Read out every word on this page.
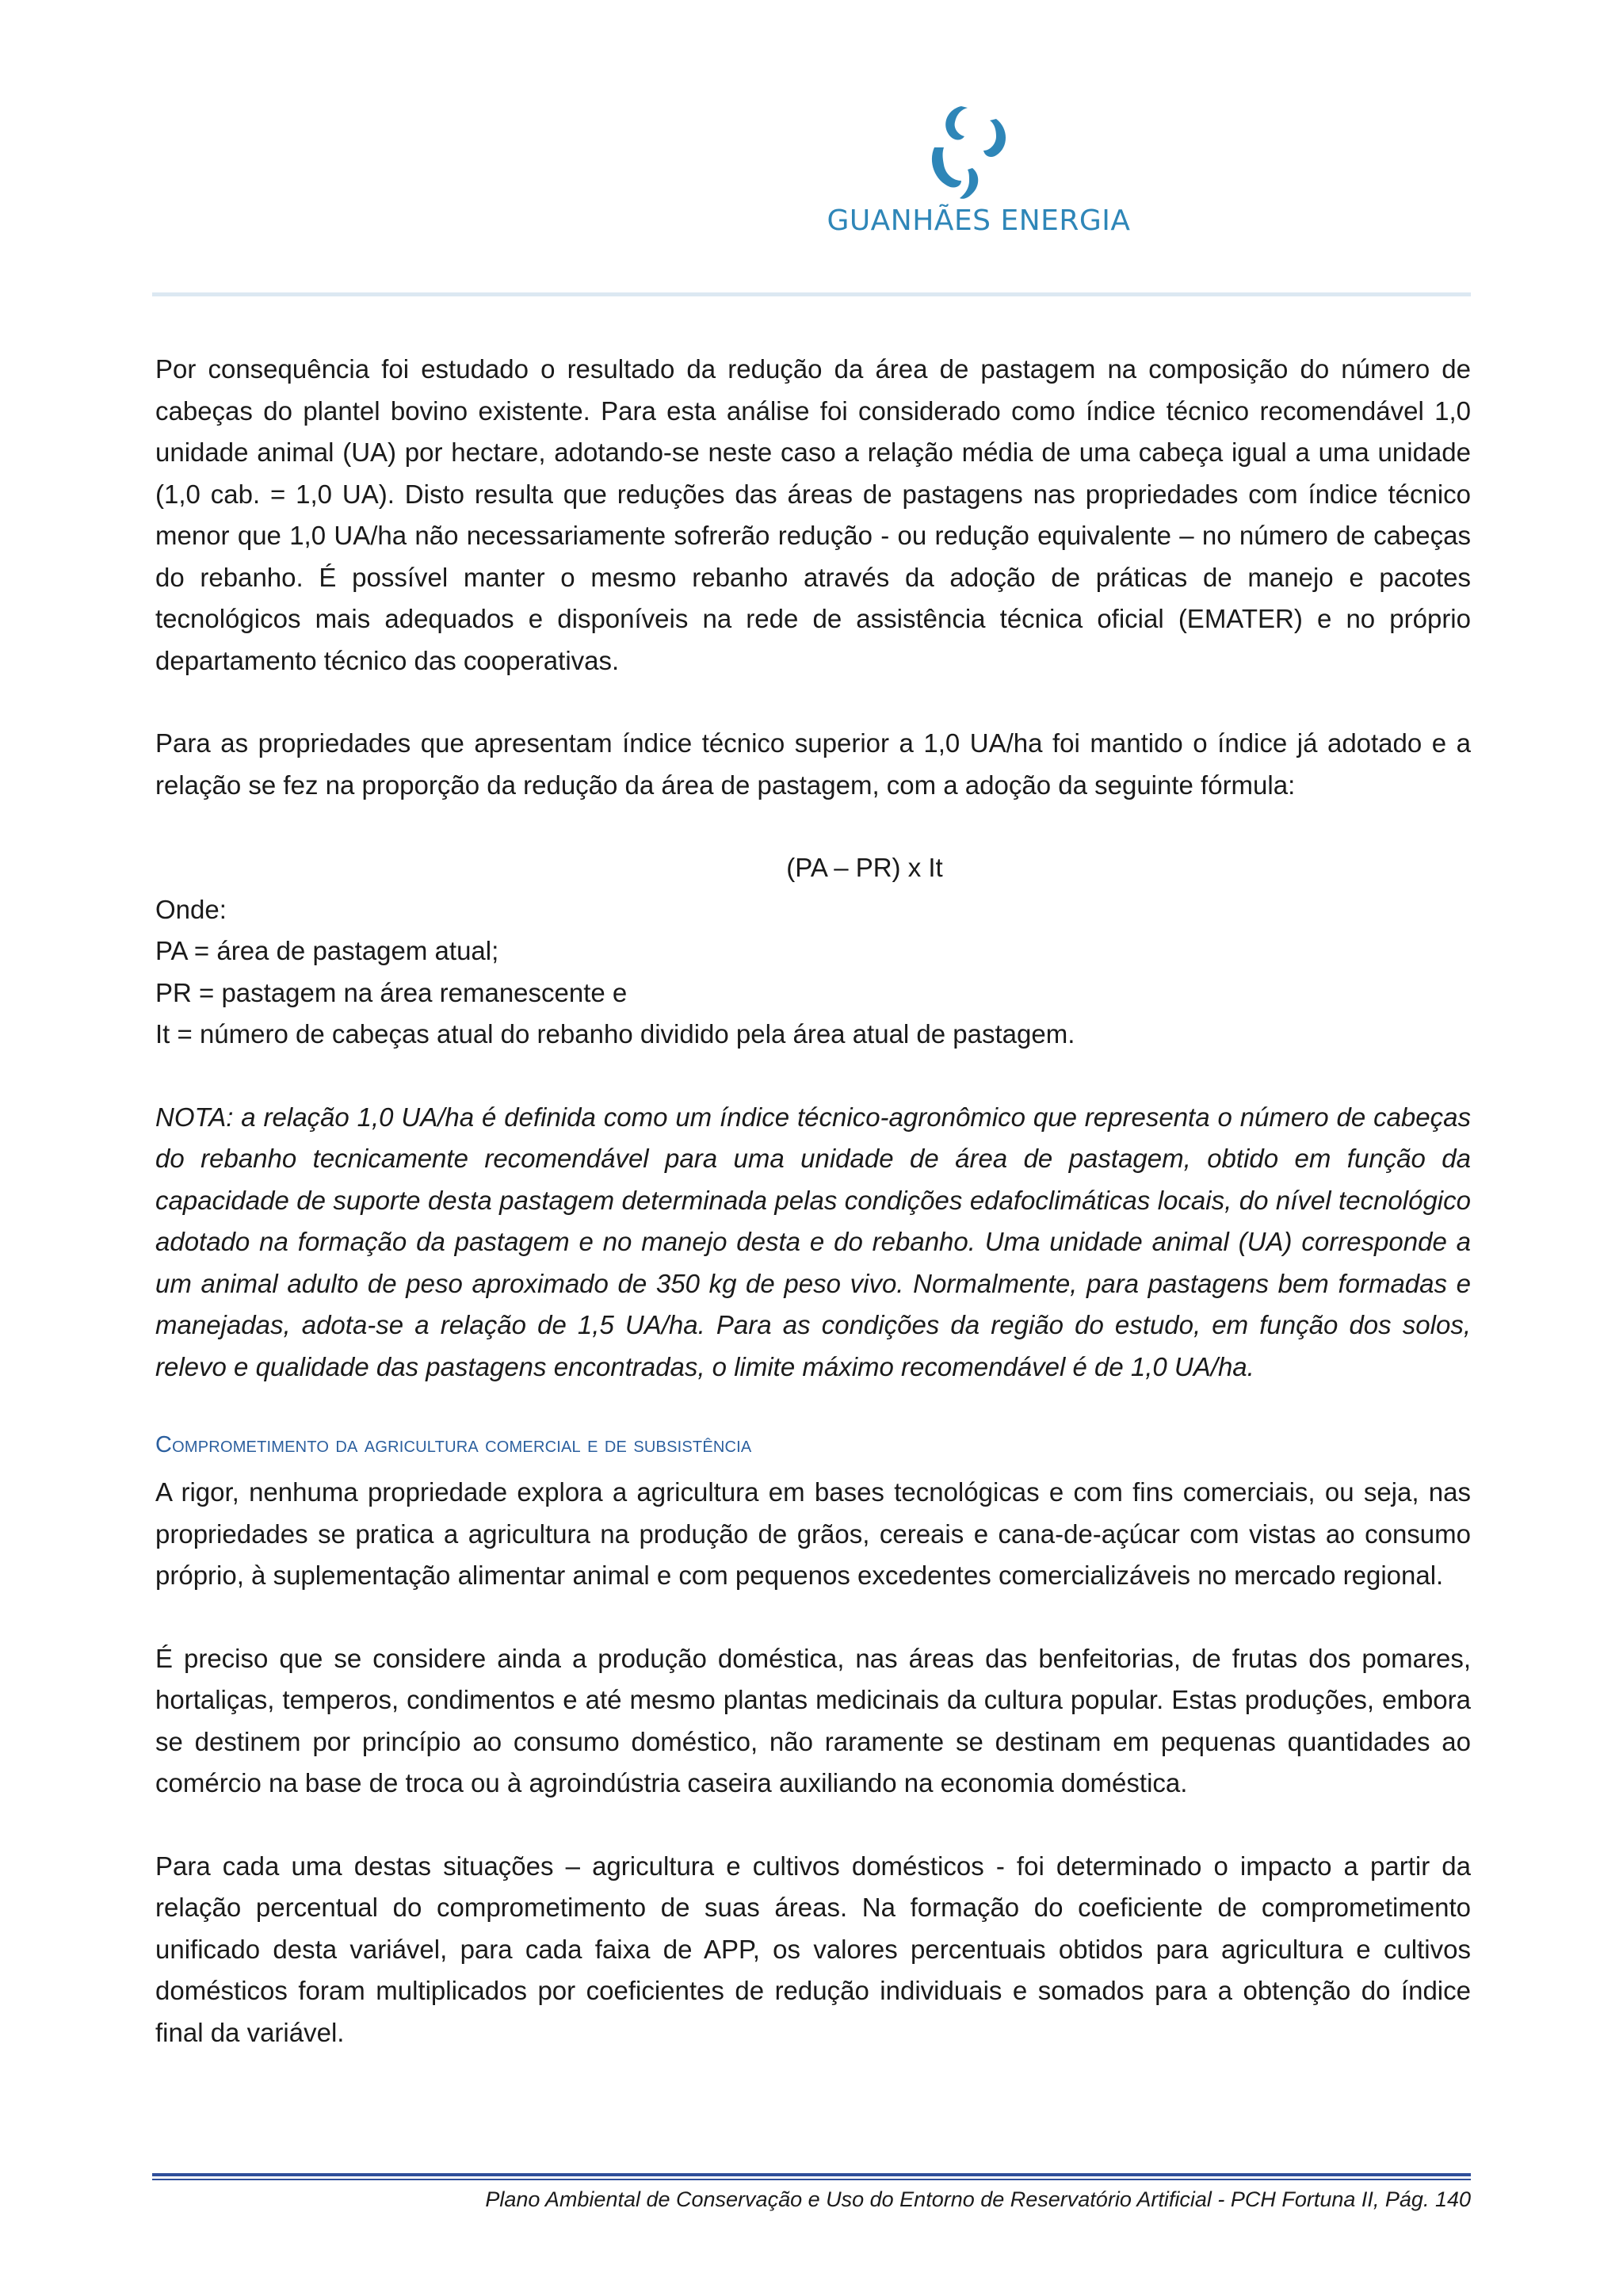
GUANHÃES ENERGIA

Por consequência foi estudado o resultado da redução da área de pastagem na composição do número de cabeças do plantel bovino existente. Para esta análise foi considerado como índice técnico recomendável 1,0 unidade animal (UA) por hectare, adotando-se neste caso a relação média de uma cabeça igual a uma unidade (1,0 cab. = 1,0 UA). Disto resulta que reduções das áreas de pastagens nas propriedades com índice técnico menor que 1,0 UA/ha não necessariamente sofrerão redução - ou redução equivalente – no número de cabeças do rebanho. É possível manter o mesmo rebanho através da adoção de práticas de manejo e pacotes tecnológicos mais adequados e disponíveis na rede de assistência técnica oficial (EMATER) e no próprio departamento técnico das cooperativas.

Para as propriedades que apresentam índice técnico superior a 1,0 UA/ha foi mantido o índice já adotado e a relação se fez na proporção da redução da área de pastagem, com a adoção da seguinte fórmula:

(PA – PR) x It

Onde:

PA = área de pastagem atual;

PR = pastagem na área remanescente e

It = número de cabeças atual do rebanho dividido pela área atual de pastagem.

NOTA: a relação 1,0 UA/ha é definida como um índice técnico-agronômico que representa o número de cabeças do rebanho tecnicamente recomendável para uma unidade de área de pastagem, obtido em função da capacidade de suporte desta pastagem determinada pelas condições edafoclimáticas locais, do nível tecnológico adotado na formação da pastagem e no manejo desta e do rebanho. Uma unidade animal (UA) corresponde a um animal adulto de peso aproximado de 350 kg de peso vivo. Normalmente, para pastagens bem formadas e manejadas, adota-se a relação de 1,5 UA/ha. Para as condições da região do estudo, em função dos solos, relevo e qualidade das pastagens encontradas, o limite máximo recomendável é de 1,0 UA/ha.

Comprometimento da agricultura comercial e de subsistência

A rigor, nenhuma propriedade explora a agricultura em bases tecnológicas e com fins comerciais, ou seja, nas propriedades se pratica a agricultura na produção de grãos, cereais e cana-de-açúcar com vistas ao consumo próprio, à suplementação alimentar animal e com pequenos excedentes comercializáveis no mercado regional.

É preciso que se considere ainda a produção doméstica, nas áreas das benfeitorias, de frutas dos pomares, hortaliças, temperos, condimentos e até mesmo plantas medicinais da cultura popular. Estas produções, embora se destinem por princípio ao consumo doméstico, não raramente se destinam em pequenas quantidades ao comércio na base de troca ou à agroindústria caseira auxiliando na economia doméstica.

Para cada uma destas situações – agricultura e cultivos domésticos - foi determinado o impacto a partir da relação percentual do comprometimento de suas áreas. Na formação do coeficiente de comprometimento unificado desta variável, para cada faixa de APP, os valores percentuais obtidos para agricultura e cultivos domésticos foram multiplicados por coeficientes de redução individuais e somados para a obtenção do índice final da variável.

Plano Ambiental de Conservação e Uso do Entorno de Reservatório Artificial - PCH Fortuna II, Pág. 140
